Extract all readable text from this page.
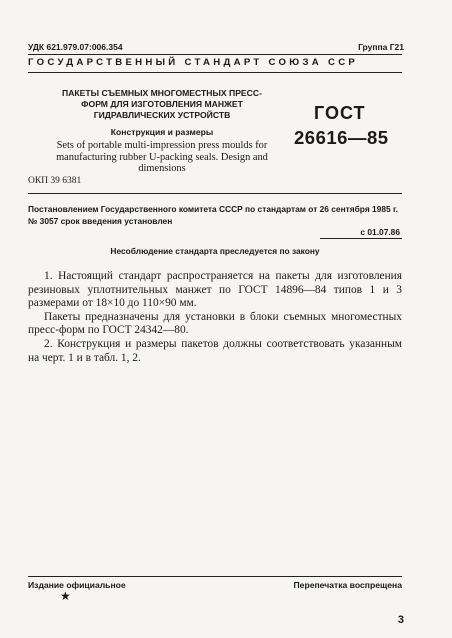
УДК 621.979.07:006.354	Группа Г21
ГОСУДАРСТВЕННЫЙ СТАНДАРТ СОЮЗА ССР
ПАКЕТЫ СЪЕМНЫХ МНОГОМЕСТНЫХ ПРЕСС-ФОРМ ДЛЯ ИЗГОТОВЛЕНИЯ МАНЖЕТ ГИДРАВЛИЧЕСКИХ УСТРОЙСТВ
Конструкция и размеры
Sets of portable multi-impression press moulds for manufacturing rubber U-packing seals. Design and dimensions
ГОСТ
26616—85
ОКП 39 6381
Постановлением Государственного комитета СССР по стандартам от 26 сентября 1985 г. № 3057 срок введения установлен
с 01.07.86
Несоблюдение стандарта преследуется по закону

1. Настоящий стандарт распространяется на пакеты для изготовления резиновых уплотнительных манжет по ГОСТ 14896—84 типов 1 и 3 размерами от 18×10 до 110×90 мм.

Пакеты предназначены для установки в блоки съемных многоместных пресс-форм по ГОСТ 24342—80.

2. Конструкция и размеры пакетов должны соответствовать указанным на черт. 1 и в табл. 1, 2.

Издание официальное	Перепечатка воспрещена
★
3
